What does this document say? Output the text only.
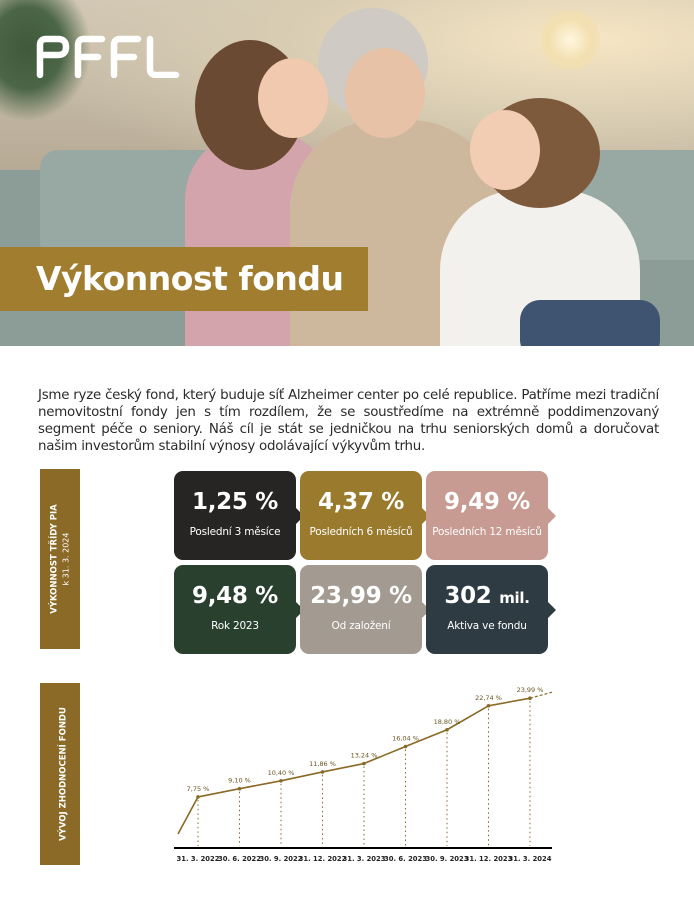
Výkonnost fondu

Jsme ryze český fond, který buduje síť Alzheimer center po celé republice. Patříme mezi tradiční nemovitostní fondy jen s tím rozdílem, že se soustředíme na extrémně poddimenzovaný segment péče o seniory. Náš cíl je stát se jedničkou na trhu seniorských domů a doručovat našim investorům stabilní výnosy odolávající výkyvům trhu.

VÝKONNOST TŘÍDY PIA k 31. 3. 2024
1,25 %
Poslední 3 měsíce
4,37 %
Posledních 6 měsíců
9,49 %
Posledních 12 měsíců
9,48 %
Rok 2023
23,99 %
Od založení
302 mil.
Aktiva ve fondu
VÝVOJ ZHODNOCENÍ FONDU	7,75 %
31. 3. 2022
9,10 %
30. 6. 2022
10,40 %
30. 9. 2022
11,86 %
31. 12. 2022
13,24 %
31. 3. 2023
16,04 %
30. 6. 2023
18,80 %
30. 9. 2023
22,74 %
31. 12. 2023
23,99 %
31. 3. 2024
